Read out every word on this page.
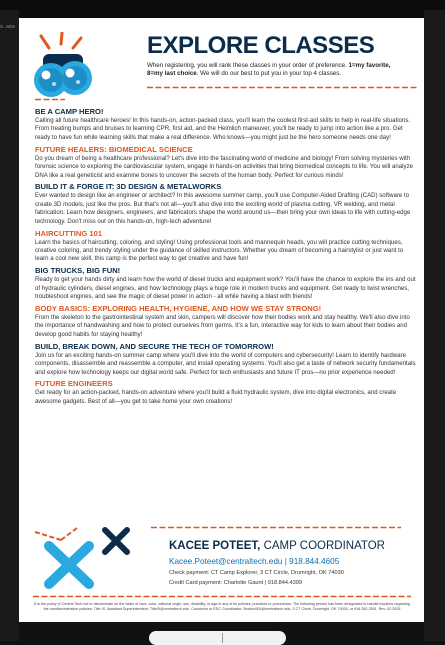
s.ass
EXPLORE CLASSES
When registering, you will rank these classes in your order of preference. 1=my favorite, 8=my last choice. We will do our best to put you in your top 4 classes.
BE A CAMP HERO!
Calling all future healthcare heroes! In this hands-on, action-packed class, you'll learn the coolest first-aid skills to help in real-life situations. From treating bumps and bruises to learning CPR, first aid, and the Heimlich maneuver, you'll be ready to jump into action like a pro. Get ready to have fun while learning skills that make a real difference. Who knows—you might just be the hero someone needs one day!
FUTURE HEALERS: BIOMEDICAL SCIENCE
Do you dream of being a healthcare professional? Let's dive into the fascinating world of medicine and biology! From solving mysteries with forensic science to exploring the cardiovascular system, engage in hands-on activities that bring biomedical concepts to life. You will analyze DNA like a real geneticist and examine bones to uncover the secrets of the human body. Perfect for curious minds!
BUILD IT & FORGE IT: 3D DESIGN & METALWORKS
Ever wanted to design like an engineer or architect? In this awesome summer camp, you'll use Computer-Aided Drafting (CAD) software to create 3D models, just like the pros. But that's not all—you'll also dive into the exciting world of plasma cutting, VR welding, and metal fabrication. Learn how designers, engineers, and fabricators shape the world around us—then bring your own ideas to life with cutting-edge technology. Don't miss out on this hands-on, high-tech adventure!
HAIRCUTTING 101
Learn the basics of haircutting, coloring, and styling! Using professional tools and mannequin heads, you will practice cutting techniques, creative coloring, and trendy styling under the guidance of skilled instructors. Whether you dream of becoming a hairstylist or just want to learn a cool new skill, this camp is the perfect way to get creative and have fun!
BIG TRUCKS, BIG FUN!
Ready to get your hands dirty and learn how the world of diesel trucks and equipment work? You'll have the chance to explore the ins and out of hydraulic cylinders, diesel engines, and how technology plays a huge role in modern trucks and equipment. Get ready to twist wrenches, troubleshoot engines, and see the magic of diesel power in action - all while having a blast with friends!
BODY BASICS: EXPLORING HEALTH, HYGIENE, AND HOW WE STAY STRONG!
From the skeleton to the gastrointestinal system and skin, campers will discover how their bodies work and stay healthy. We'll also dive into the importance of handwashing and how to protect ourselves from germs. It's a fun, interactive way for kids to learn about their bodies and develop good habits for staying healthy!
BUILD, BREAK DOWN, AND SECURE THE TECH OF TOMORROW!
Join us for an exciting hands-on summer camp where you'll dive into the world of computers and cybersecurity! Learn to identify hardware components, disassemble and reassemble a computer, and install operating systems. You'll also get a taste of network security fundamentals and explore how technology keeps our digital world safe. Perfect for tech enthusiasts and future IT pros—no prior experience needed!
FUTURE ENGINEERS
Get ready for an action-packed, hands-on adventure where you'll build a fluid hydraulic system, dive into digital electronics, and create awesome gadgets. Best of all—you get to take home your own creations!
KACEE POTEET, CAMP COORDINATOR
Kacee.Poteet@centraltech.edu | 918.844.4605
Check payment: CT Camp Explorer, 3 CT Circle, Drumright, OK 74030
Credit Card payment: Charlotte Gaunt | 918.844.4399
It is the policy of Central Tech not to discriminate on the basis of race, color, national origin, sex, disability, or age in any of its policies, practices or procedures. The following person has been designated to handle inquiries regarding the nondiscrimination policies: Title IX, Assistant Superintendent, TitleIX@centraltech.edu. Counselor or ESC Coordinator, Section504@centraltech.edu, 3 CT Circle, Drumright, OK 74030, or 918.352.2551. Rev. 02.2025
